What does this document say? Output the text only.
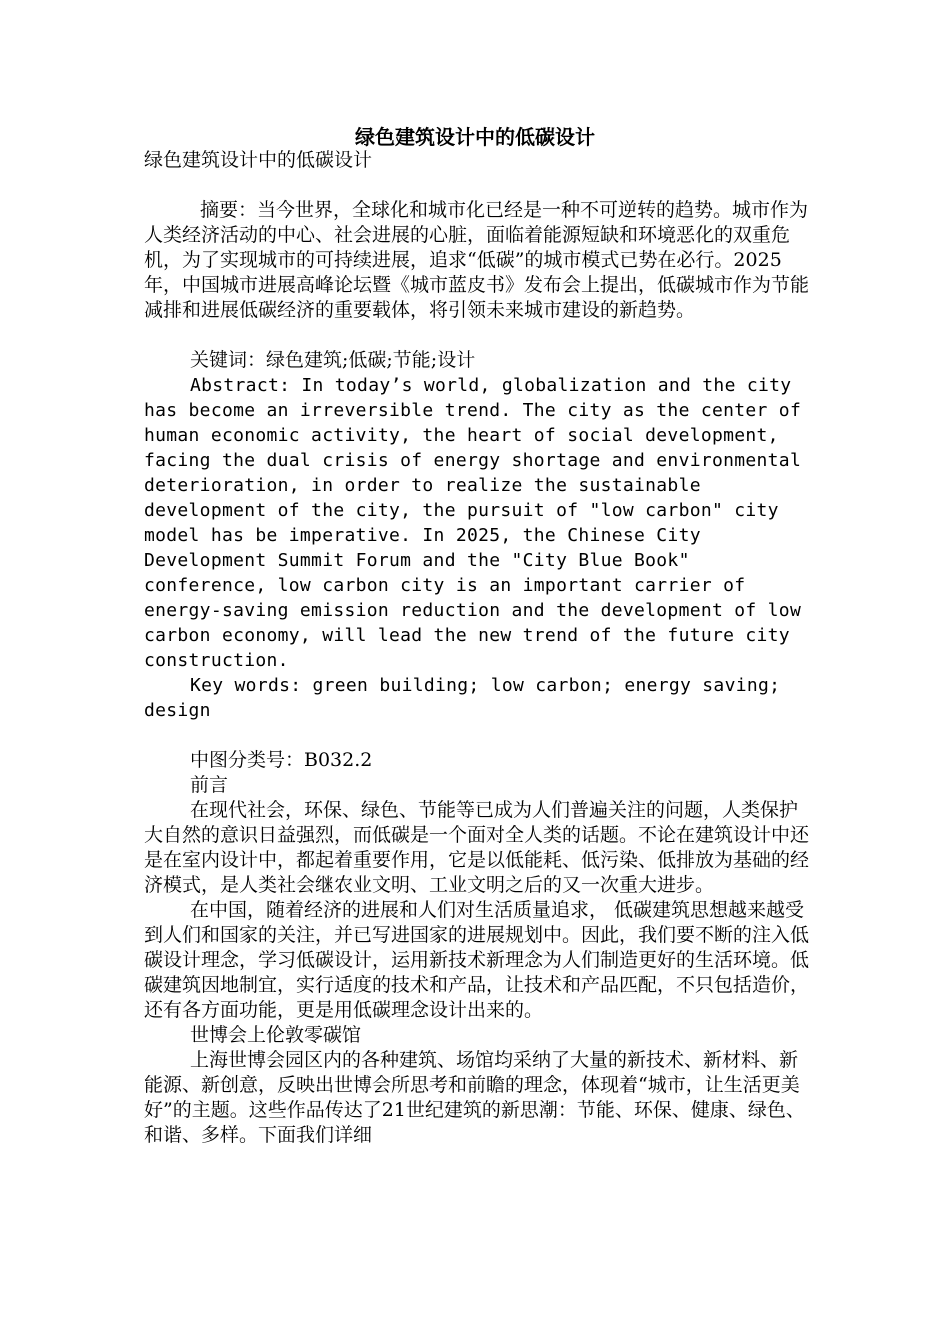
绿色建筑设计中的低碳设计

绿色建筑设计中的低碳设计

摘要：当今世界，全球化和城市化已经是一种不可逆转的趋势。城市作为人类经济活动的中心、社会进展的心脏，面临着能源短缺和环境恶化的双重危机，为了实现城市的可持续进展，追求“低碳”的城市模式已势在必行。2025年，中国城市进展高峰论坛暨《城市蓝皮书》发布会上提出，低碳城市作为节能减排和进展低碳经济的重要载体，将引领未来城市建设的新趋势。

关键词：绿色建筑;低碳;节能;设计

Abstract: In today’s world, globalization and the city has become an irreversible trend. The city as the center of human economic activity, the heart of social development, facing the dual crisis of energy shortage and environmental deterioration, in order to realize the sustainable development of the city, the pursuit of "low carbon" city model has be imperative. In 2025, the Chinese City Development Summit Forum and the "City Blue Book" conference, low carbon city is an important carrier of energy-saving emission reduction and the development of low carbon economy, will lead the new trend of the future city construction.

Key words: green building; low carbon; energy saving; design

中图分类号：B032.2

前言

在现代社会，环保、绿色、节能等已成为人们普遍关注的问题，人类保护大自然的意识日益强烈，而低碳是一个面对全人类的话题。不论在建筑设计中还是在室内设计中，都起着重要作用，它是以低能耗、低污染、低排放为基础的经济模式，是人类社会继农业文明、工业文明之后的又一次重大进步。

在中国，随着经济的进展和人们对生活质量追求， 低碳建筑思想越来越受到人们和国家的关注，并已写进国家的进展规划中。因此，我们要不断的注入低碳设计理念，学习低碳设计，运用新技术新理念为人们制造更好的生活环境。低碳建筑因地制宜，实行适度的技术和产品，让技术和产品匹配，不只包括造价，还有各方面功能，更是用低碳理念设计出来的。

世博会上伦敦零碳馆

上海世博会园区内的各种建筑、场馆均采纳了大量的新技术、新材料、新能源、新创意，反映出世博会所思考和前瞻的理念，体现着“城市，让生活更美好”的主题。这些作品传达了21世纪建筑的新思潮：节能、环保、健康、绿色、和谐、多样。下面我们详细
